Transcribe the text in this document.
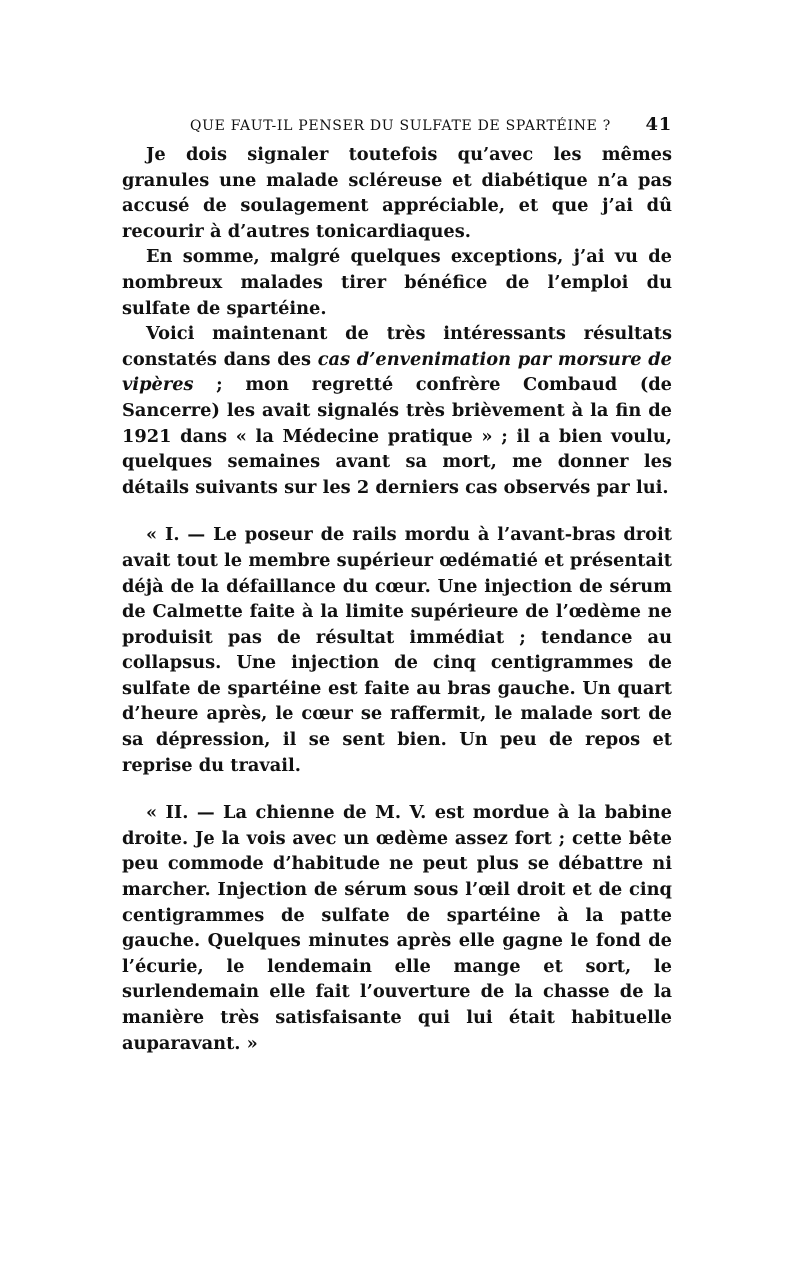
QUE FAUT-IL PENSER DU SULFATE DE SPARTÉINE ? 41

Je dois signaler toutefois qu’avec les mêmes granules une malade scléreuse et diabétique n’a pas accusé de soulagement appréciable, et que j’ai dû recourir à d’autres tonicardiaques.

En somme, malgré quelques exceptions, j’ai vu de nombreux malades tirer bénéfice de l’emploi du sulfate de spartéine.

Voici maintenant de très intéressants résultats constatés dans des cas d’envenimation par morsure de vipères ; mon regretté confrère Combaud (de Sancerre) les avait signalés très brièvement à la fin de 1921 dans « la Médecine pratique » ; il a bien voulu, quelques semaines avant sa mort, me donner les détails suivants sur les 2 derniers cas observés par lui.

« I. — Le poseur de rails mordu à l’avant-bras droit avait tout le membre supérieur œdématié et présentait déjà de la défaillance du cœur. Une injection de sérum de Calmette faite à la limite supérieure de l’œdème ne produisit pas de résultat immédiat ; tendance au collapsus. Une injection de cinq centigrammes de sulfate de spartéine est faite au bras gauche. Un quart d’heure après, le cœur se raffermit, le malade sort de sa dépression, il se sent bien. Un peu de repos et reprise du travail.

« II. — La chienne de M. V. est mordue à la babine droite. Je la vois avec un œdème assez fort ; cette bête peu commode d’habitude ne peut plus se débattre ni marcher. Injection de sérum sous l’œil droit et de cinq centigrammes de sulfate de spartéine à la patte gauche. Quelques minutes après elle gagne le fond de l’écurie, le lendemain elle mange et sort, le surlendemain elle fait l’ouverture de la chasse de la manière très satisfaisante qui lui était habituelle auparavant. »
